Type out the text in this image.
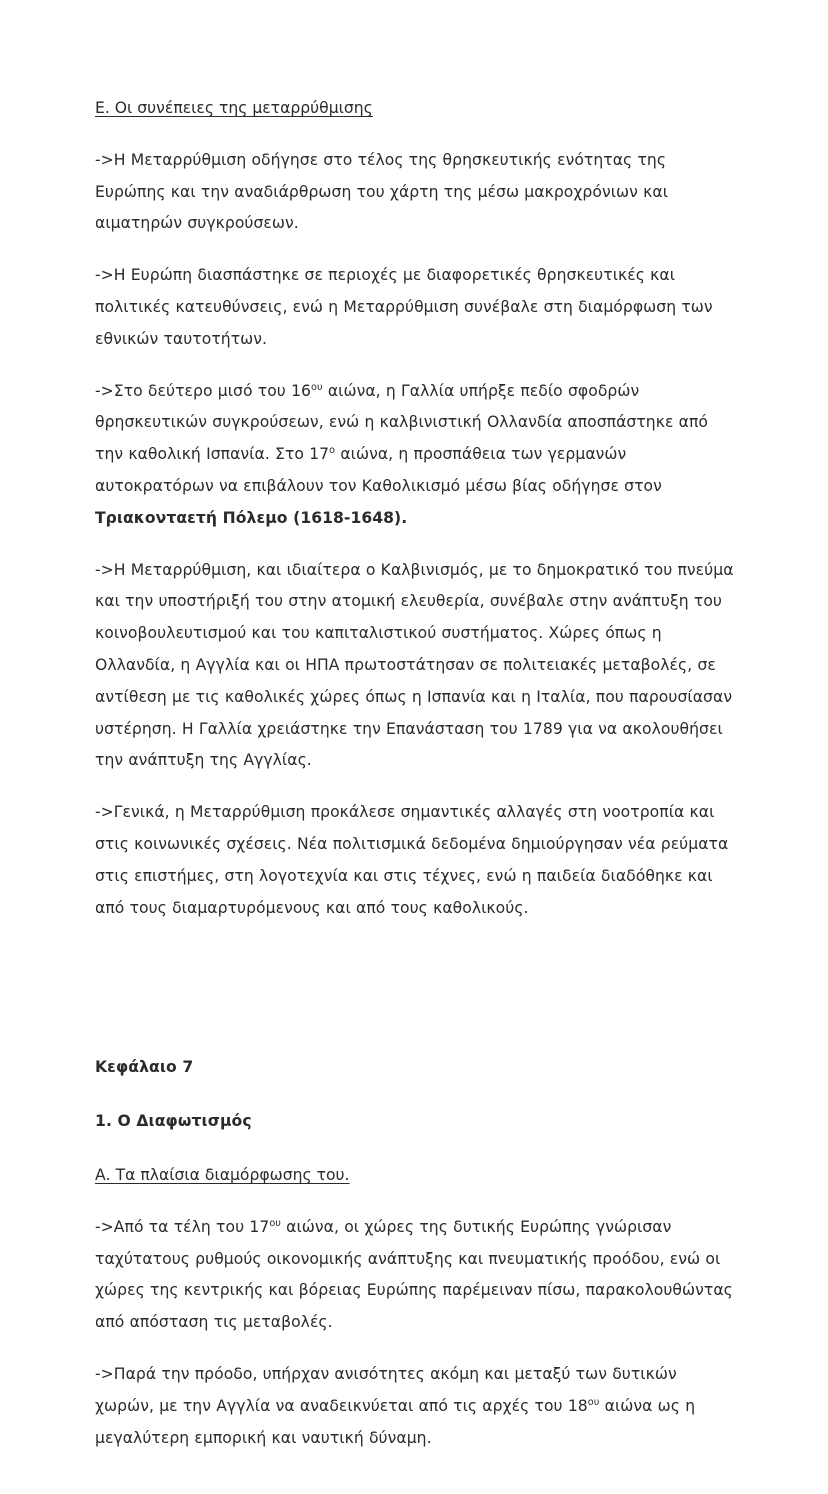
Ε. Οι συνέπειες της μεταρρύθμισης

->Η Μεταρρύθμιση οδήγησε στο τέλος της θρησκευτικής ενότητας της Ευρώπης και την αναδιάρθρωση του χάρτη της μέσω μακροχρόνιων και αιματηρών συγκρούσεων.

->Η Ευρώπη διασπάστηκε σε περιοχές με διαφορετικές θρησκευτικές και πολιτικές κατευθύνσεις, ενώ η Μεταρρύθμιση συνέβαλε στη διαμόρφωση των εθνικών ταυτοτήτων.

->Στο δεύτερο μισό του $16^{o\upsilon}$ αιώνα, η Γαλλία υπήρξε πεδίο σφοδρών θρησκευτικών συγκρούσεων, ενώ η καλβινιστική Ολλανδία αποσπάστηκε από την καθολική Ισπανία. Στο $17^o$ αιώνα, η προσπάθεια των γερμανών αυτοκρατόρων να επιβάλουν τον Καθολικισμό μέσω βίας οδήγησε στον Τριακονταετή Πόλεμο (1618-1648).

->Η Μεταρρύθμιση, και ιδιαίτερα ο Καλβινισμός, με το δημοκρατικό του πνεύμα και την υποστήριξή του στην ατομική ελευθερία, συνέβαλε στην ανάπτυξη του κοινοβουλευτισμού και του καπιταλιστικού συστήματος. Χώρες όπως η Ολλανδία, η Αγγλία και οι ΗΠΑ πρωτοστάτησαν σε πολιτειακές μεταβολές, σε αντίθεση με τις καθολικές χώρες όπως η Ισπανία και η Ιταλία, που παρουσίασαν υστέρηση. Η Γαλλία χρειάστηκε την Επανάσταση του 1789 για να ακολουθήσει την ανάπτυξη της Αγγλίας.

->Γενικά, η Μεταρρύθμιση προκάλεσε σημαντικές αλλαγές στη νοοτροπία και στις κοινωνικές σχέσεις. Νέα πολιτισμικά δεδομένα δημιούργησαν νέα ρεύματα στις επιστήμες, στη λογοτεχνία και στις τέχνες, ενώ η παιδεία διαδόθηκε και από τους διαμαρτυρόμενους και από τους καθολικούς.

Κεφάλαιο 7
1. Ο Διαφωτισμός
Α. Τα πλαίσια διαμόρφωσης του.

->Από τα τέλη του $17^{o\upsilon}$ αιώνα, οι χώρες της δυτικής Ευρώπης γνώρισαν ταχύτατους ρυθμούς οικονομικής ανάπτυξης και πνευματικής προόδου, ενώ οι χώρες της κεντρικής και βόρειας Ευρώπης παρέμειναν πίσω, παρακολουθώντας από απόσταση τις μεταβολές.

->Παρά την πρόοδο, υπήρχαν ανισότητες ακόμη και μεταξύ των δυτικών χωρών, με την Αγγλία να αναδεικνύεται από τις αρχές του $18^{o\upsilon}$ αιώνα ως η μεγαλύτερη εμπορική και ναυτική δύναμη.
